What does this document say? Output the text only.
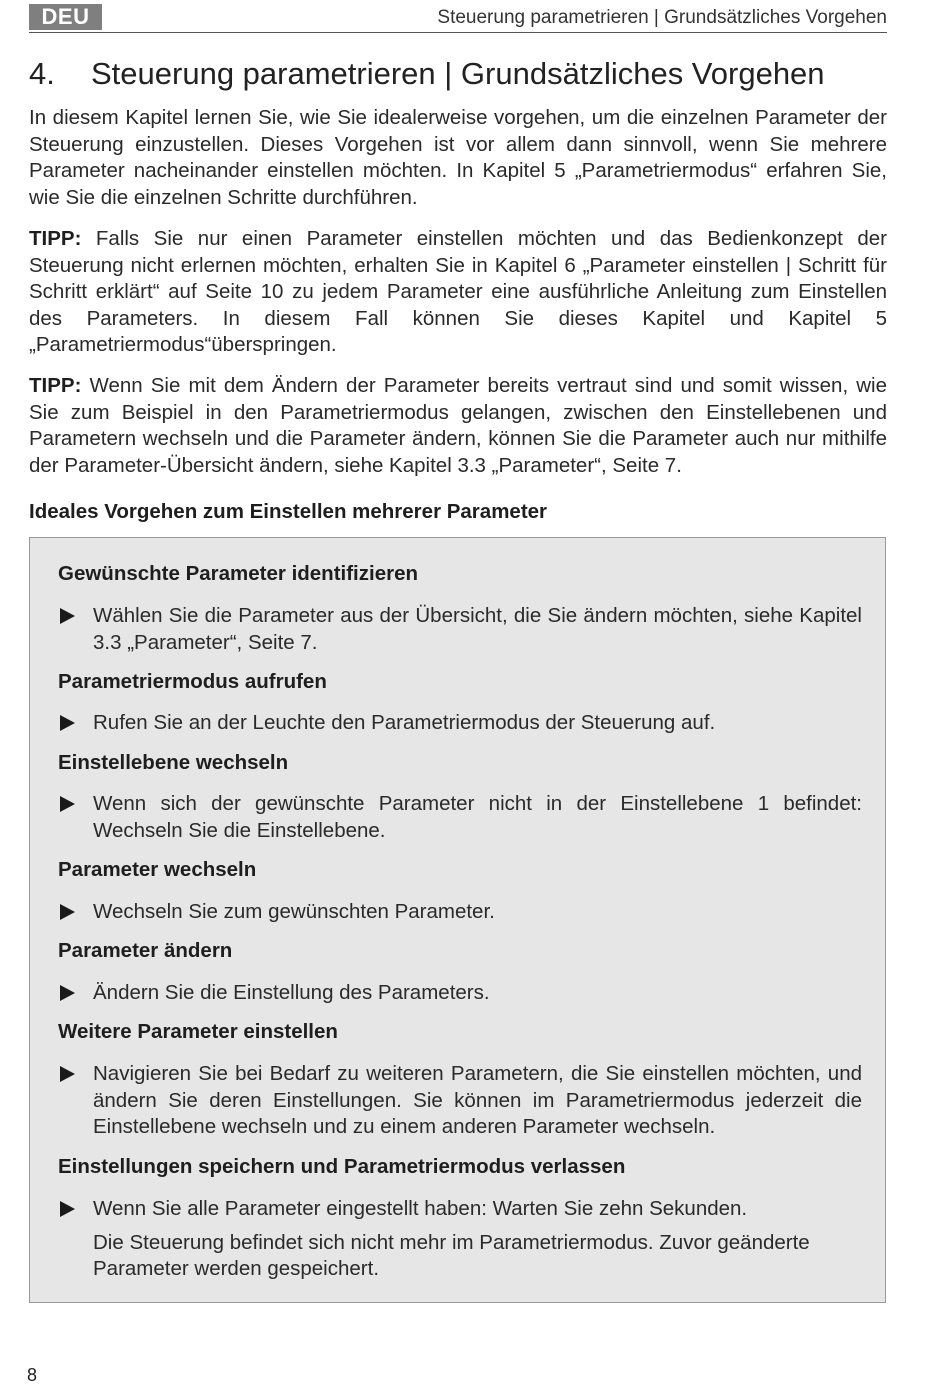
DEU	Steuerung parametrieren | Grundsätzliches Vorgehen
4. Steuerung parametrieren | Grundsätzliches Vorgehen

In diesem Kapitel lernen Sie, wie Sie idealerweise vorgehen, um die einzelnen Parameter der Steuerung einzustellen. Dieses Vorgehen ist vor allem dann sinnvoll, wenn Sie mehrere Parameter nacheinander einstellen möchten. In Kapitel 5 „Parametriermodus“ erfahren Sie, wie Sie die einzelnen Schritte durchführen.

TIPP: Falls Sie nur einen Parameter einstellen möchten und das Bedienkonzept der Steuerung nicht erlernen möchten, erhalten Sie in Kapitel 6 „Parameter einstellen | Schritt für Schritt erklärt“ auf Seite 10 zu jedem Parameter eine ausführliche Anleitung zum Einstellen des Parameters. In diesem Fall können Sie dieses Kapitel und Kapitel 5 „Parametriermodus“überspringen.

TIPP: Wenn Sie mit dem Ändern der Parameter bereits vertraut sind und somit wissen, wie Sie zum Beispiel in den Parametriermodus gelangen, zwischen den Einstellebenen und Parametern wechseln und die Parameter ändern, können Sie die Parameter auch nur mithilfe der Parameter-Übersicht ändern, siehe Kapitel 3.3 „Parameter“, Seite 7.

Ideales Vorgehen zum Einstellen mehrerer Parameter
Gewünschte Parameter identifizieren

Wählen Sie die Parameter aus der Übersicht, die Sie ändern möchten, siehe Kapitel 3.3 „Parameter“, Seite 7.

Parametriermodus aufrufen

Rufen Sie an der Leuchte den Parametriermodus der Steuerung auf.

Einstellebene wechseln

Wenn sich der gewünschte Parameter nicht in der Einstellebene 1 befindet: Wechseln Sie die Einstellebene.

Parameter wechseln

Wechseln Sie zum gewünschten Parameter.

Parameter ändern

Ändern Sie die Einstellung des Parameters.

Weitere Parameter einstellen

Navigieren Sie bei Bedarf zu weiteren Parametern, die Sie einstellen möchten, und ändern Sie deren Einstellungen. Sie können im Parametriermodus jederzeit die Einstellebene wechseln und zu einem anderen Parameter wechseln.

Einstellungen speichern und Parametriermodus verlassen

Wenn Sie alle Parameter eingestellt haben: Warten Sie zehn Sekunden.

Die Steuerung befindet sich nicht mehr im Parametriermodus. Zuvor geänderte Parameter werden gespeichert.

8
